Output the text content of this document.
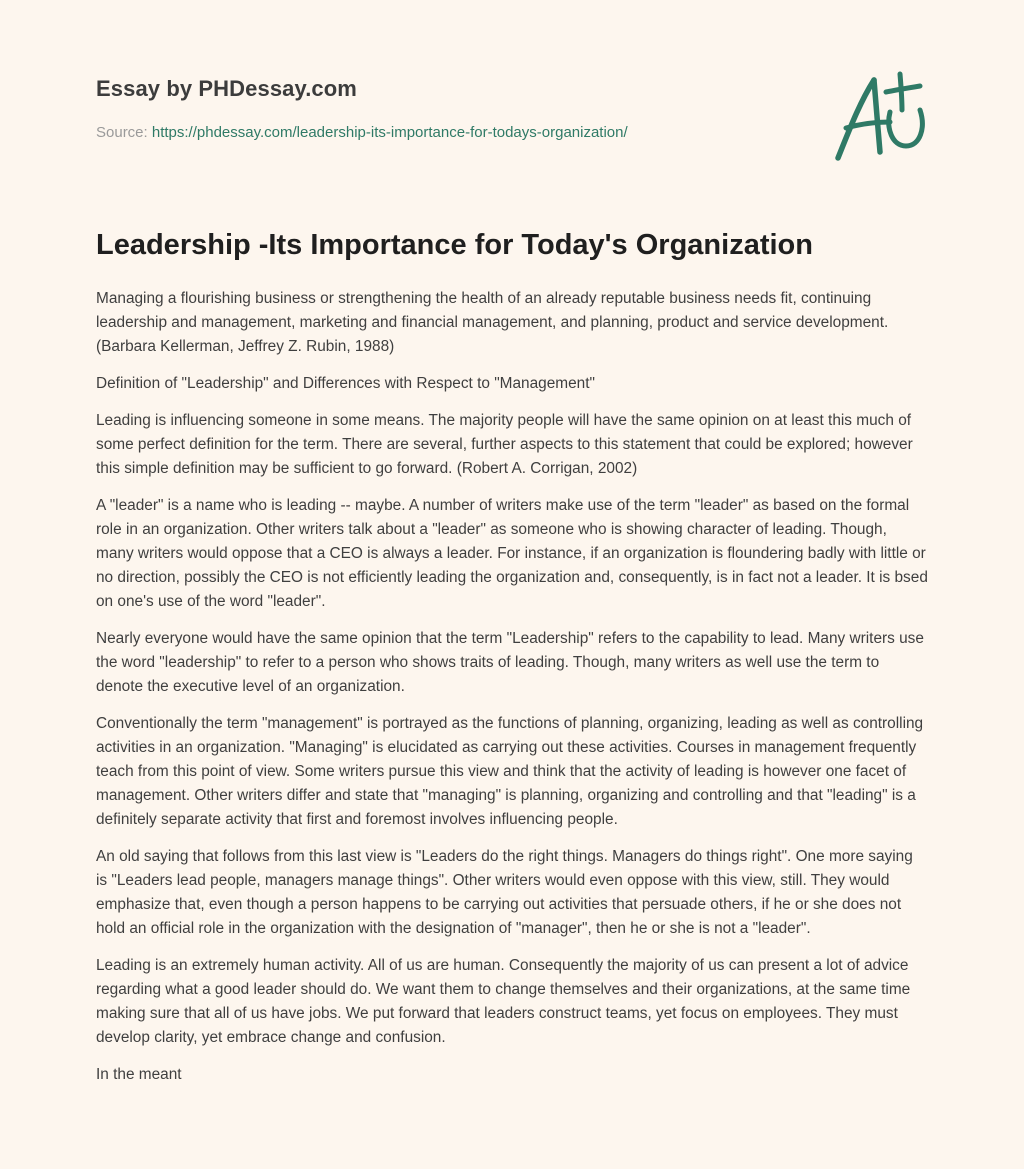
Essay by PHDessay.com
Source: https://phdessay.com/leadership-its-importance-for-todays-organization/
Leadership -Its Importance for Today's Organization

Managing a flourishing business or strengthening the health of an already reputable business needs fit, continuing leadership and management, marketing and financial management, and planning, product and service development. (Barbara Kellerman, Jeffrey Z. Rubin, 1988)

Definition of "Leadership" and Differences with Respect to "Management"

Leading is influencing someone in some means. The majority people will have the same opinion on at least this much of some perfect definition for the term. There are several, further aspects to this statement that could be explored; however this simple definition may be sufficient to go forward. (Robert A. Corrigan, 2002)

A "leader" is a name who is leading -- maybe. A number of writers make use of the term "leader" as based on the formal role in an organization. Other writers talk about a "leader" as someone who is showing character of leading. Though, many writers would oppose that a CEO is always a leader. For instance, if an organization is floundering badly with little or no direction, possibly the CEO is not efficiently leading the organization and, consequently, is in fact not a leader. It is bsed on one's use of the word "leader".

Nearly everyone would have the same opinion that the term "Leadership" refers to the capability to lead. Many writers use the word "leadership" to refer to a person who shows traits of leading. Though, many writers as well use the term to denote the executive level of an organization.

Conventionally the term "management" is portrayed as the functions of planning, organizing, leading as well as controlling activities in an organization. "Managing" is elucidated as carrying out these activities. Courses in management frequently teach from this point of view. Some writers pursue this view and think that the activity of leading is however one facet of management. Other writers differ and state that "managing" is planning, organizing and controlling and that "leading" is a definitely separate activity that first and foremost involves influencing people.

An old saying that follows from this last view is "Leaders do the right things. Managers do things right". One more saying is "Leaders lead people, managers manage things". Other writers would even oppose with this view, still. They would emphasize that, even though a person happens to be carrying out activities that persuade others, if he or she does not hold an official role in the organization with the designation of "manager", then he or she is not a "leader".

Leading is an extremely human activity. All of us are human. Consequently the majority of us can present a lot of advice regarding what a good leader should do. We want them to change themselves and their organizations, at the same time making sure that all of us have jobs. We put forward that leaders construct teams, yet focus on employees. They must develop clarity, yet embrace change and confusion.

In the meant
